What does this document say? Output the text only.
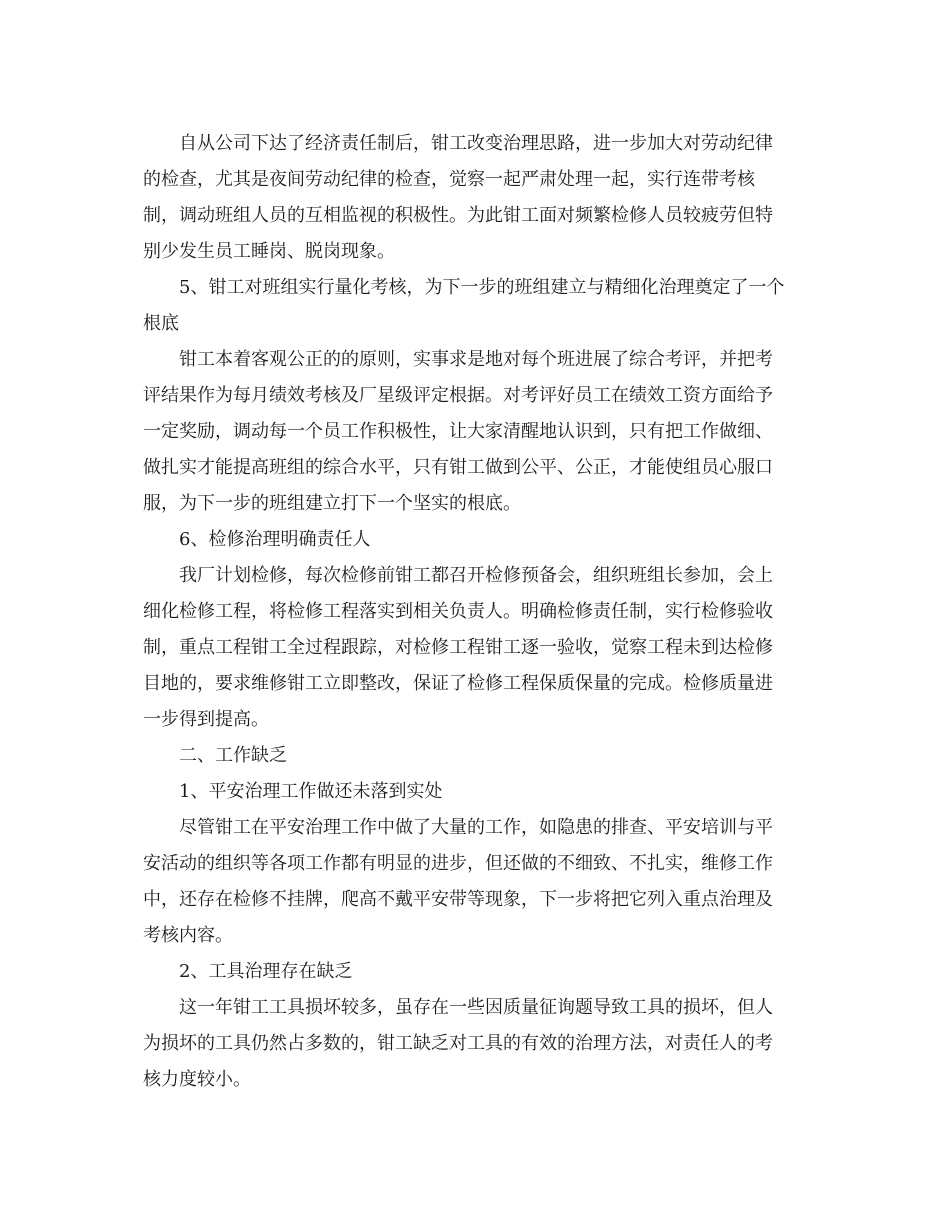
自从公司下达了经济责任制后，钳工改变治理思路，进一步加大对劳动纪律
的检查，尤其是夜间劳动纪律的检查，觉察一起严肃处理一起，实行连带考核
制，调动班组人员的互相监视的积极性。为此钳工面对频繁检修人员较疲劳但特
别少发生员工睡岗、脱岗现象。
5、钳工对班组实行量化考核，为下一步的班组建立与精细化治理奠定了一个
根底
钳工本着客观公正的的原则，实事求是地对每个班进展了综合考评，并把考
评结果作为每月绩效考核及厂星级评定根据。对考评好员工在绩效工资方面给予
一定奖励，调动每一个员工作积极性，让大家清醒地认识到，只有把工作做细、
做扎实才能提高班组的综合水平，只有钳工做到公平、公正，才能使组员心服口
服，为下一步的班组建立打下一个坚实的根底。
6、检修治理明确责任人
我厂计划检修，每次检修前钳工都召开检修预备会，组织班组长参加，会上
细化检修工程，将检修工程落实到相关负责人。明确检修责任制，实行检修验收
制，重点工程钳工全过程跟踪，对检修工程钳工逐一验收，觉察工程未到达检修
目地的，要求维修钳工立即整改，保证了检修工程保质保量的完成。检修质量进
一步得到提高。
二、工作缺乏
1、平安治理工作做还未落到实处
尽管钳工在平安治理工作中做了大量的工作，如隐患的排查、平安培训与平
安活动的组织等各项工作都有明显的进步，但还做的不细致、不扎实，维修工作
中，还存在检修不挂牌，爬高不戴平安带等现象，下一步将把它列入重点治理及
考核内容。
2、工具治理存在缺乏
这一年钳工工具损坏较多，虽存在一些因质量征询题导致工具的损坏，但人
为损坏的工具仍然占多数的，钳工缺乏对工具的有效的治理方法，对责任人的考
核力度较小。
